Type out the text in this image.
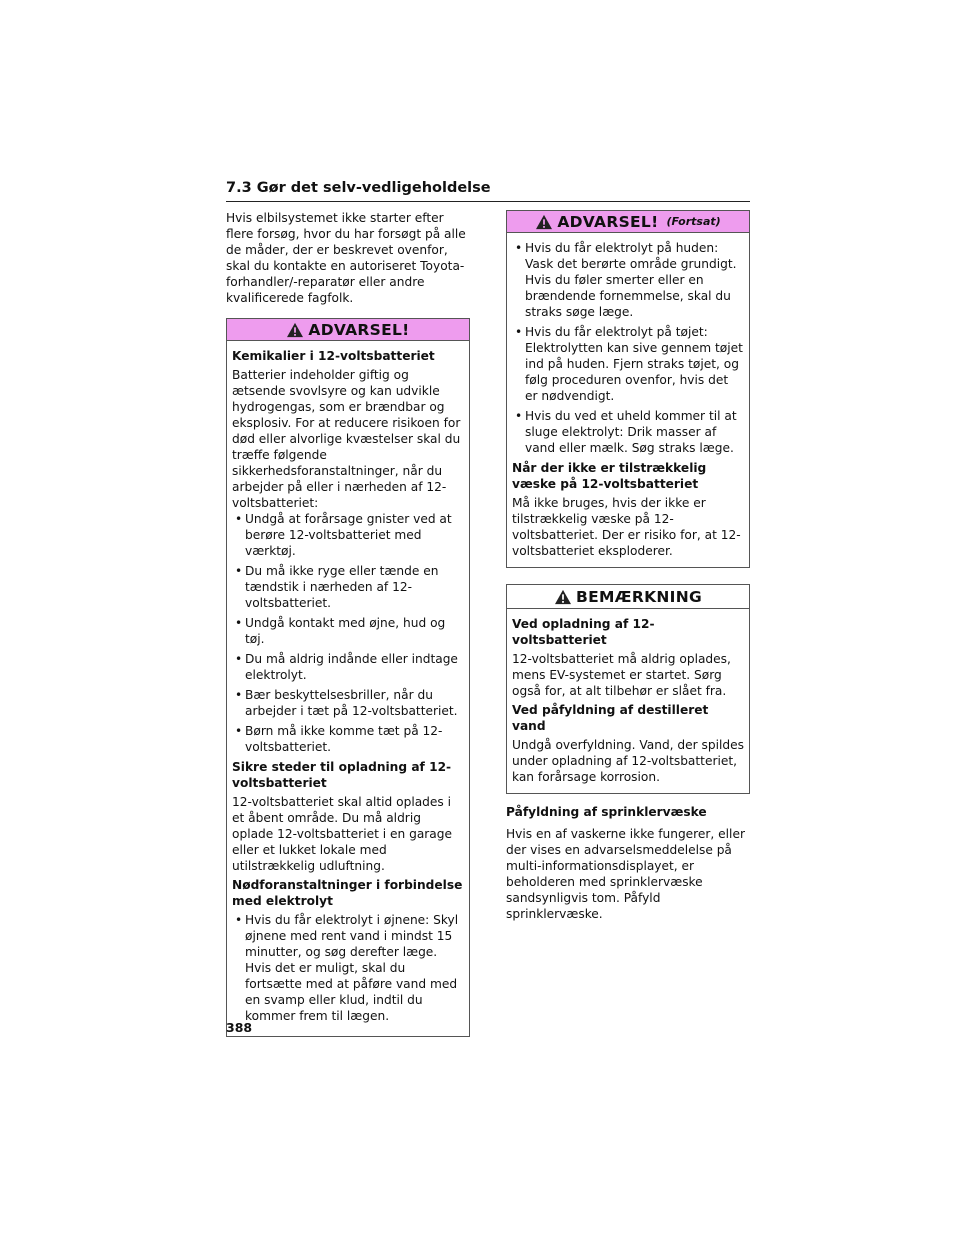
7.3 Gør det selv-vedligeholdelse

Hvis elbilsystemet ikke starter efter flere forsøg, hvor du har forsøgt på alle de måder, der er beskrevet ovenfor, skal du kontakte en autoriseret Toyota-forhandler/-reparatør eller andre kvalificerede fagfolk.

ADVARSEL!
Kemikalier i 12-voltsbatteriet

Batterier indeholder giftig og ætsende svovlsyre og kan udvikle hydrogengas, som er brændbar og eksplosiv. For at reducere risikoen for død eller alvorlige kvæstelser skal du træffe følgende sikkerhedsforanstaltninger, når du arbejder på eller i nærheden af 12-voltsbatteriet:

• Undgå at forårsage gnister ved at berøre 12-voltsbatteriet med værktøj.
• Du må ikke ryge eller tænde en tændstik i nærheden af 12-voltsbatteriet.
• Undgå kontakt med øjne, hud og tøj.
• Du må aldrig indånde eller indtage elektrolyt.
• Bær beskyttelsesbriller, når du arbejder i tæt på 12-voltsbatteriet.
• Børn må ikke komme tæt på 12-voltsbatteriet.
Sikre steder til opladning af 12-voltsbatteriet

12-voltsbatteriet skal altid oplades i et åbent område. Du må aldrig oplade 12-voltsbatteriet i en garage eller et lukket lokale med utilstrækkelig udluftning.

Nødforanstaltninger i forbindelse med elektrolyt
• Hvis du får elektrolyt i øjnene: Skyl øjnene med rent vand i mindst 15 minutter, og søg derefter læge. Hvis det er muligt, skal du fortsætte med at påføre vand med en svamp eller klud, indtil du kommer frem til lægen.
ADVARSEL! (Fortsat)
• Hvis du får elektrolyt på huden: Vask det berørte område grundigt. Hvis du føler smerter eller en brændende fornemmelse, skal du straks søge læge.
• Hvis du får elektrolyt på tøjet: Elektrolytten kan sive gennem tøjet ind på huden. Fjern straks tøjet, og følg proceduren ovenfor, hvis det er nødvendigt.
• Hvis du ved et uheld kommer til at sluge elektrolyt: Drik masser af vand eller mælk. Søg straks læge.
Når der ikke er tilstrækkelig væske på 12-voltsbatteriet

Må ikke bruges, hvis der ikke er tilstrækkelig væske på 12-voltsbatteriet. Der er risiko for, at 12-voltsbatteriet eksploderer.

BEMÆRKNING
Ved opladning af 12-voltsbatteriet

12-voltsbatteriet må aldrig oplades, mens EV-systemet er startet. Sørg også for, at alt tilbehør er slået fra.

Ved påfyldning af destilleret vand

Undgå overfyldning. Vand, der spildes under opladning af 12-voltsbatteriet, kan forårsage korrosion.

Påfyldning af sprinklervæske

Hvis en af vaskerne ikke fungerer, eller der vises en advarselsmeddelelse på multi-informationsdisplayet, er beholderen med sprinklervæske sandsynligvis tom. Påfyld sprinklervæske.

388
